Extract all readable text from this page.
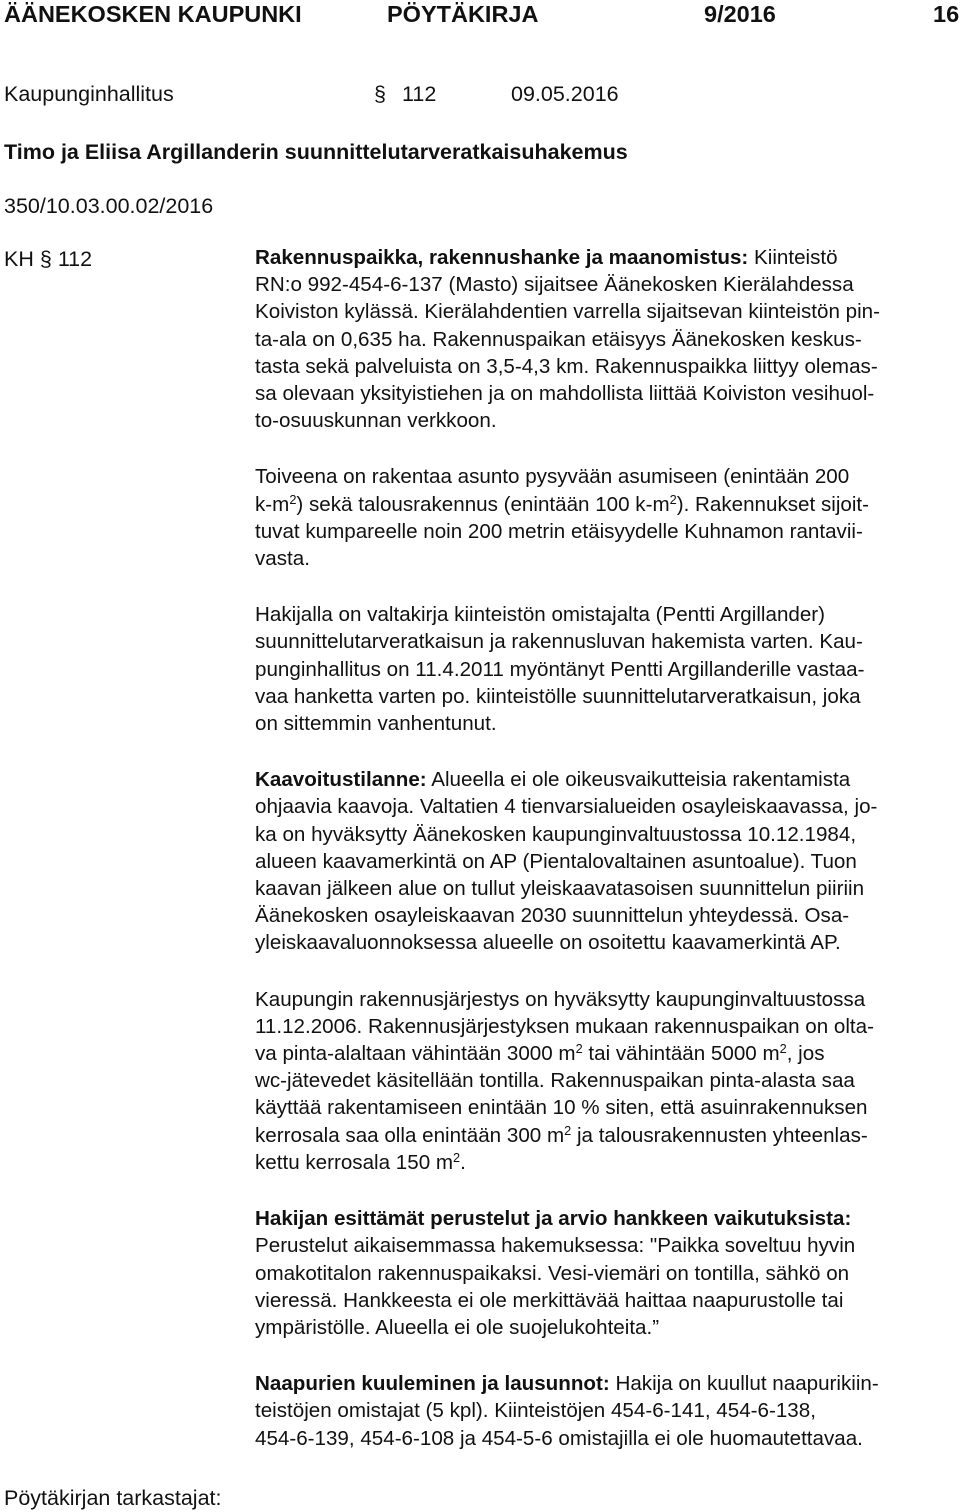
ÄÄNEKOSKEN KAUPUNKI	PÖYTÄKIRJA	9/2016	16
Kaupunginhallitus	§ 112	09.05.2016
Timo ja Eliisa Argillanderin suunnittelutarveratkaisuhakemus
350/10.03.00.02/2016
KH § 112	Rakennuspaikka, rakennushanke ja maanomistus: Kiinteistö
RN:o 992-454-6-137 (Masto) sijaitsee Äänekosken Kierälahdessa
Koiviston kylässä. Kierälahdentien varrella sijaitsevan kiinteistön pin-
ta-ala on 0,635 ha. Rakennuspaikan etäisyys Äänekosken keskus-
tasta sekä palveluista on 3,5-4,3 km. Rakennuspaikka liittyy olemas-
sa olevaan yksityistiehen ja on mahdollista liittää Koiviston vesihuol-
to-osuuskunnan verkkoon.

Toiveena on rakentaa asunto pysyvään asumiseen (enintään 200
$k-m^2$) sekä talousrakennus (enintään 100 $k-m^2$). Rakennukset sijoit-
tuvat kumpareelle noin 200 metrin etäisyydelle Kuhnamon rantavii-
vasta.

Hakijalla on valtakirja kiinteistön omistajalta (Pentti Argillander)
suunnittelutarveratkaisun ja rakennusluvan hakemista varten. Kau-
punginhallitus on 11.4.2011 myöntänyt Pentti Argillanderille vastaa-
vaa hanketta varten po. kiinteistölle suunnittelutarveratkaisun, joka
on sittemmin vanhentunut.

Kaavoitustilanne: Alueella ei ole oikeusvaikutteisia rakentamista
ohjaavia kaavoja. Valtatien 4 tienvarsialueiden osayleiskaavassa, jo-
ka on hyväksytty Äänekosken kaupunginvaltuustossa 10.12.1984,
alueen kaavamerkintä on AP (Pientalovaltainen asuntoalue). Tuon
kaavan jälkeen alue on tullut yleiskaavatasoisen suunnittelun piiriin
Äänekosken osayleiskaavan 2030 suunnittelun yhteydessä. Osa-
yleiskaavaluonnoksessa alueelle on osoitettu kaavamerkintä AP.

Kaupungin rakennusjärjestys on hyväksytty kaupunginvaltuustossa
11.12.2006. Rakennusjärjestyksen mukaan rakennuspaikan on olta-
va pinta-alaltaan vähintään 3000 $m^2$ tai vähintään 5000 $m^2$, jos
wc-jätevedet käsitellään tontilla. Rakennuspaikan pinta-alasta saa
käyttää rakentamiseen enintään 10 % siten, että asuinrakennuksen
kerrosala saa olla enintään 300 $m^2$ ja talousrakennusten yhteenlas-
kettu kerrosala 150 $m^2$.

Hakijan esittämät perustelut ja arvio hankkeen vaikutuksista:
Perustelut aikaisemmassa hakemuksessa: "Paikka soveltuu hyvin
omakotitalon rakennuspaikaksi. Vesi-viemäri on tontilla, sähkö on
vieressä. Hankkeesta ei ole merkittävää haittaa naapurustolle tai
ympäristölle. Alueella ei ole suojelukohteita.”

Naapurien kuuleminen ja lausunnot: Hakija on kuullut naapurikiin-
teistöjen omistajat (5 kpl). Kiinteistöjen 454-6-141, 454-6-138,
454-6-139, 454-6-108 ja 454-5-6 omistajilla ei ole huomautettavaa.

Pöytäkirjan tarkastajat:
